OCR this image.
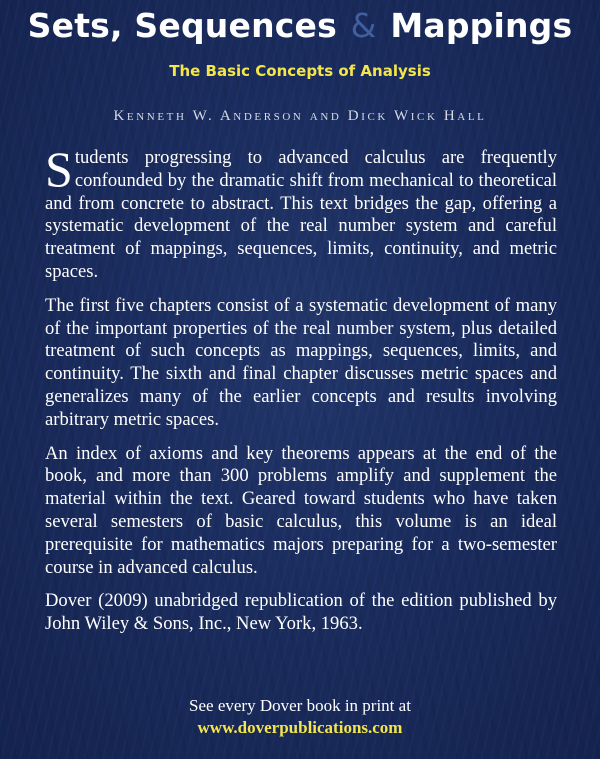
Sets, Sequences & Mappings
The Basic Concepts of Analysis
Kenneth W. Anderson and Dick Wick Hall

Students progressing to advanced calculus are frequently confounded by the dramatic shift from mechanical to theoretical and from concrete to abstract. This text bridges the gap, offering a systematic development of the real number system and careful treatment of mappings, sequences, limits, continuity, and metric spaces.

The first five chapters consist of a systematic development of many of the important properties of the real number system, plus detailed treatment of such concepts as mappings, sequences, limits, and continuity. The sixth and final chapter discusses metric spaces and generalizes many of the earlier concepts and results involving arbitrary metric spaces.

An index of axioms and key theorems appears at the end of the book, and more than 300 problems amplify and supplement the material within the text. Geared toward students who have taken several semesters of basic calculus, this volume is an ideal prerequisite for mathematics majors preparing for a two-semester course in advanced calculus.

Dover (2009) unabridged republication of the edition published by John Wiley & Sons, Inc., New York, 1963.

See every Dover book in print at
www.doverpublications.com
